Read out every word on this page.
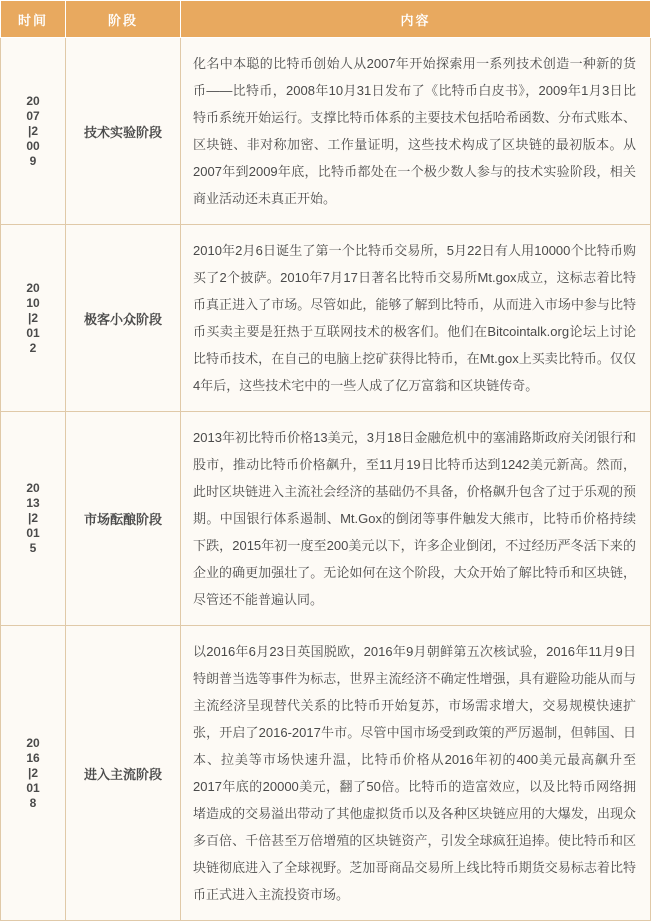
时间	阶段	内容

2007|2009	技术实验阶段	化名中本聪的比特币创始人从2007年开始探索用一系列技术创造一种新的货币——比特币，2008年10月31日发布了《比特币白皮书》，2009年1月3日比特币系统开始运行。支撑比特币体系的主要技术包括哈希函数、分布式账本、区块链、非对称加密、工作量证明，这些技术构成了区块链的最初版本。从2007年到2009年底，比特币都处在一个极少数人参与的技术实验阶段，相关商业活动还未真正开始。

2010|2012	极客小众阶段	2010年2月6日诞生了第一个比特币交易所，5月22日有人用10000个比特币购买了2个披萨。2010年7月17日著名比特币交易所Mt.gox成立，这标志着比特币真正进入了市场。尽管如此，能够了解到比特币，从而进入市场中参与比特币买卖主要是狂热于互联网技术的极客们。他们在Bitcointalk.org论坛上讨论比特币技术，在自己的电脑上挖矿获得比特币，在Mt.gox上买卖比特币。仅仅4年后，这些技术宅中的一些人成了亿万富翁和区块链传奇。

2013|2015	市场酝酿阶段	2013年初比特币价格13美元，3月18日金融危机中的塞浦路斯政府关闭银行和股市，推动比特币价格飙升，至11月19日比特币达到1242美元新高。然而，此时区块链进入主流社会经济的基础仍不具备，价格飙升包含了过于乐观的预期。中国银行体系遏制、Mt.Gox的倒闭等事件触发大熊市，比特币价格持续下跌，2015年初一度至200美元以下，许多企业倒闭，不过经历严冬活下来的企业的确更加强壮了。无论如何在这个阶段，大众开始了解比特币和区块链，尽管还不能普遍认同。

2016|2018	进入主流阶段	以2016年6月23日英国脱欧，2016年9月朝鲜第五次核试验，2016年11月9日特朗普当选等事件为标志，世界主流经济不确定性增强，具有避险功能从而与主流经济呈现替代关系的比特币开始复苏，市场需求增大，交易规模快速扩张，开启了2016-2017牛市。尽管中国市场受到政策的严厉遏制，但韩国、日本、拉美等市场快速升温，比特币价格从2016年初的400美元最高飙升至2017年底的20000美元，翻了50倍。比特币的造富效应，以及比特币网络拥堵造成的交易溢出带动了其他虚拟货币以及各种区块链应用的大爆发，出现众多百倍、千倍甚至万倍增殖的区块链资产，引发全球疯狂追捧。使比特币和区块链彻底进入了全球视野。芝加哥商品交易所上线比特币期货交易标志着比特币正式进入主流投资市场。
